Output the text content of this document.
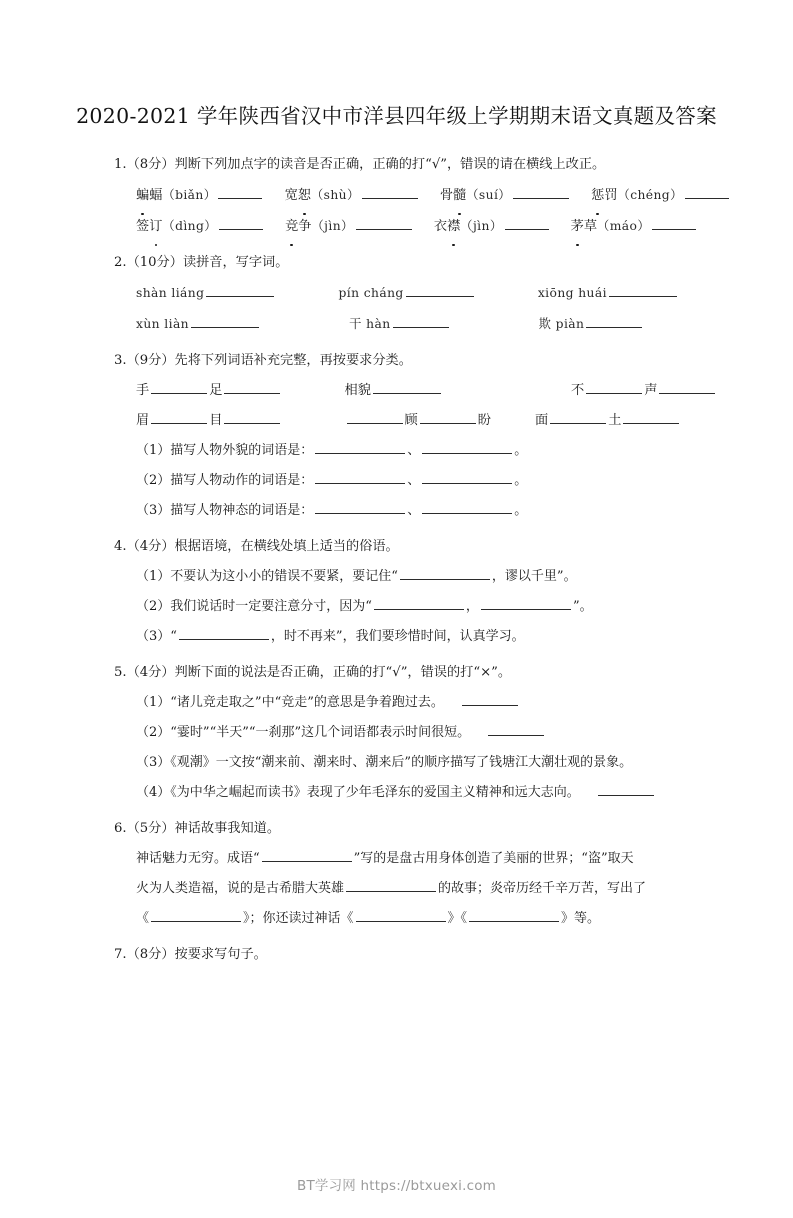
2020-2021 学年陕西省汉中市洋县四年级上学期期末语文真题及答案
1.（8分）判断下列加点字的读音是否正确，正确的打“√”，错误的请在横线上改正。
蝙蝠（biǎn）	宽恕（shù）	骨髓（suí）	惩罚（chéng）
签订（dìng）	竞争（jìn）	衣襟（jìn）	茅草（máo）
2.（10分）读拼音，写字词。
shàn liáng	pín cháng	xiōng huái
xùn liàn	干 hàn	欺 piàn
3.（9分）先将下列词语补充完整，再按要求分类。
手	足	相貌	不	声
眉	目	顾	盼	面	土
（1）描写人物外貌的词语是：	、	。
（2）描写人物动作的词语是：	、	。
（3）描写人物神态的词语是：	、	。
4.（4分）根据语境，在横线处填上适当的俗语。
（1）不要认为这小小的错误不要紧，要记住“	，谬以千里”。
（2）我们说话时一定要注意分寸，因为“	，	”。
（3）“	，时不再来”，我们要珍惜时间，认真学习。
5.（4分）判断下面的说法是否正确，正确的打“√”，错误的打“×”。
（1）“诸儿竞走取之”中“竞走”的意思是争着跑过去。
（2）“霎时”“半天”“一刹那”这几个词语都表示时间很短。
（3）《观潮》一文按“潮来前、潮来时、潮来后”的顺序描写了钱塘江大潮壮观的景象。
（4）《为中华之崛起而读书》表现了少年毛泽东的爱国主义精神和远大志向。
6.（5分）神话故事我知道。
神话魅力无穷。成语“	”写的是盘古用身体创造了美丽的世界；“盗”取天
火为人类造福，说的是古希腊大英雄	的故事；炎帝历经千辛万苦，写出了
《	》；你还读过神话《	》《	》等。
7.（8分）按要求写句子。
BT学习网 https://btxuexi.com
